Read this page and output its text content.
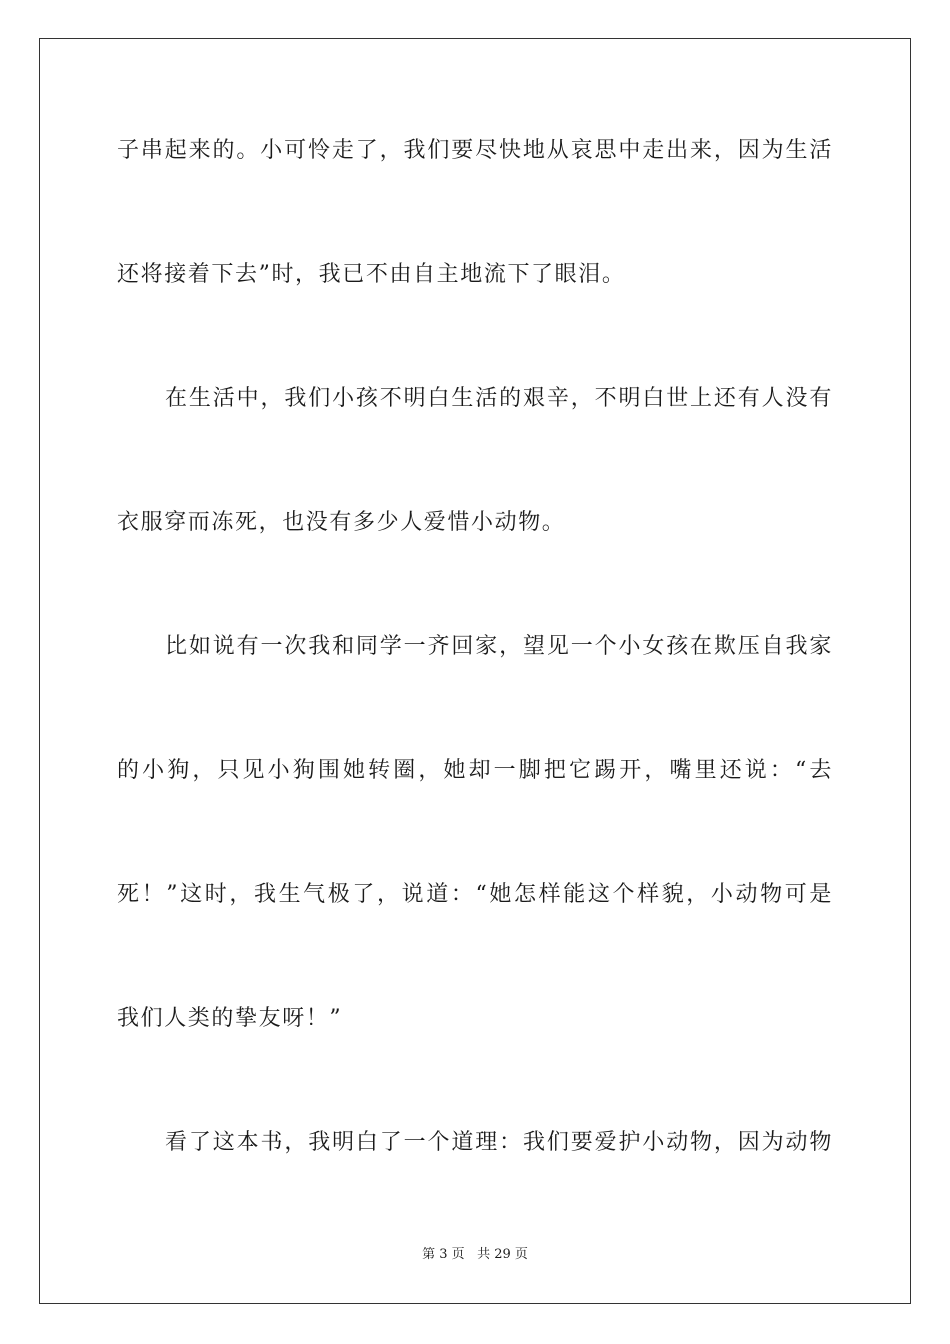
子串起来的。小可怜走了，我们要尽快地从哀思中走出来，因为生活
还将接着下去”时，我已不由自主地流下了眼泪。
在生活中，我们小孩不明白生活的艰辛，不明白世上还有人没有
衣服穿而冻死，也没有多少人爱惜小动物。
比如说有一次我和同学一齐回家，望见一个小女孩在欺压自我家
的小狗，只见小狗围她转圈，她却一脚把它踢开，嘴里还说：“去
死！”这时，我生气极了，说道：“她怎样能这个样貌，小动物可是
我们人类的挚友呀！”
看了这本书，我明白了一个道理：我们要爱护小动物，因为动物
第 3 页 共 29 页
